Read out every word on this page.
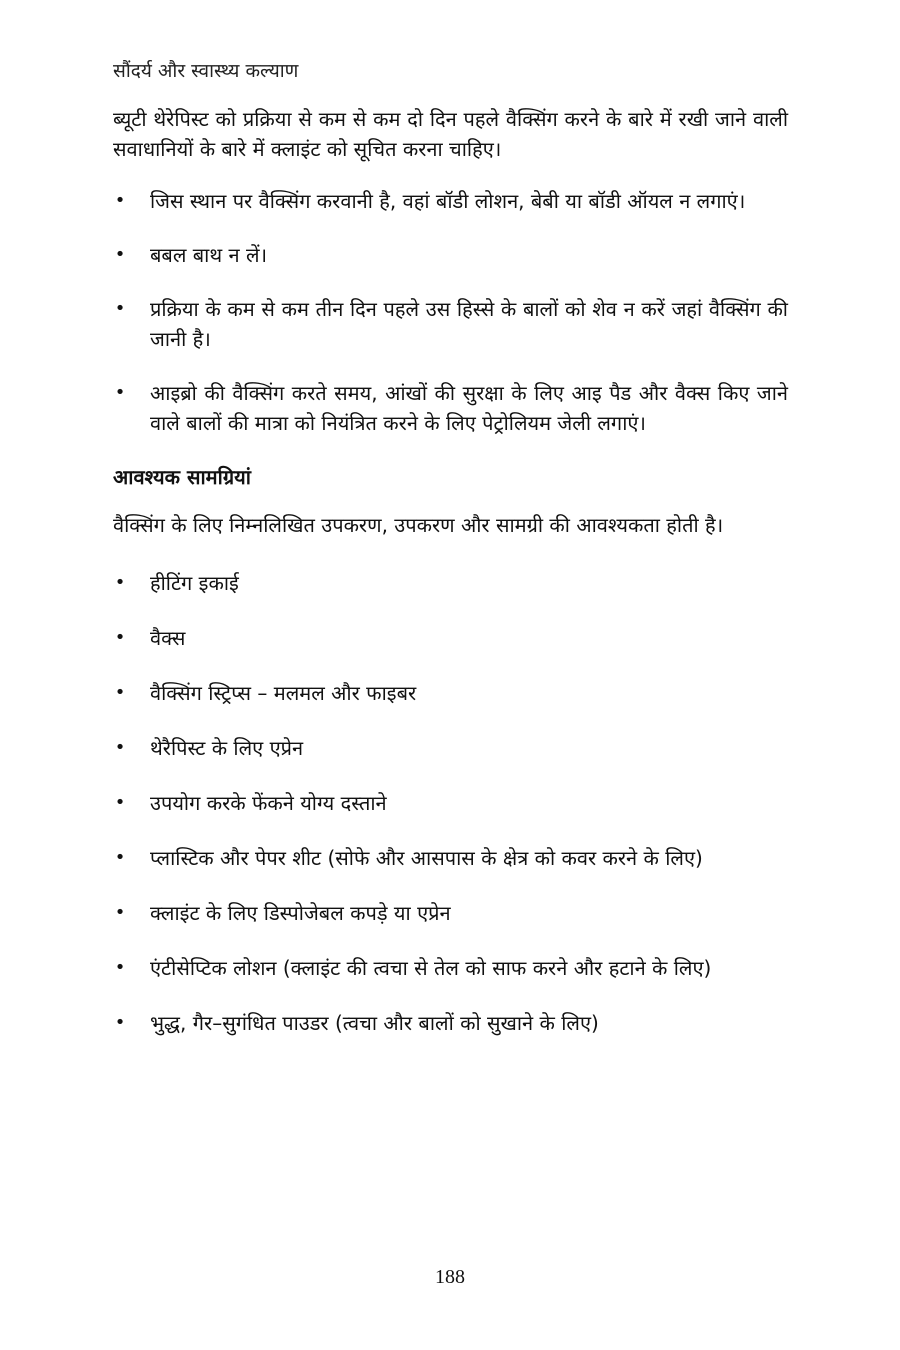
सौंदर्य और स्वास्थ्य कल्याण

ब्यूटी थेरेपिस्ट को प्रक्रिया से कम से कम दो दिन पहले वैक्सिंग करने के बारे में रखी जाने वाली सवाधानियों के बारे में क्लाइंट को सूचित करना चाहिए।

• जिस स्थान पर वैक्सिंग करवानी है, वहां बॉडी लोशन, बेबी या बॉडी ऑयल न लगाएं।
• बबल बाथ न लें।
• प्रक्रिया के कम से कम तीन दिन पहले उस हिस्से के बालों को शेव न करें जहां वैक्सिंग की जानी है।
• आइब्रो की वैक्सिंग करते समय, आंखों की सुरक्षा के लिए आइ पैड और वैक्स किए जाने वाले बालों की मात्रा को नियंत्रित करने के लिए पेट्रोलियम जेली लगाएं।
आवश्यक सामग्रियां

वैक्सिंग के लिए निम्नलिखित उपकरण, उपकरण और सामग्री की आवश्यकता होती है।

• हीटिंग इकाई
• वैक्स
• वैक्सिंग स्ट्रिप्स – मलमल और फाइबर
• थेरैपिस्ट के लिए एप्रेन
• उपयोग करके फेंकने योग्य दस्ताने
• प्लास्टिक और पेपर शीट (सोफे और आसपास के क्षेत्र को कवर करने के लिए)
• क्लाइंट के लिए डिस्पोजेबल कपड़े या एप्रेन
• एंटीसेप्टिक लोशन (क्लाइंट की त्वचा से तेल को साफ करने और हटाने के लिए)
• भुद्ध, गैर–सुगंधित पाउडर (त्वचा और बालों को सुखाने के लिए)
188
